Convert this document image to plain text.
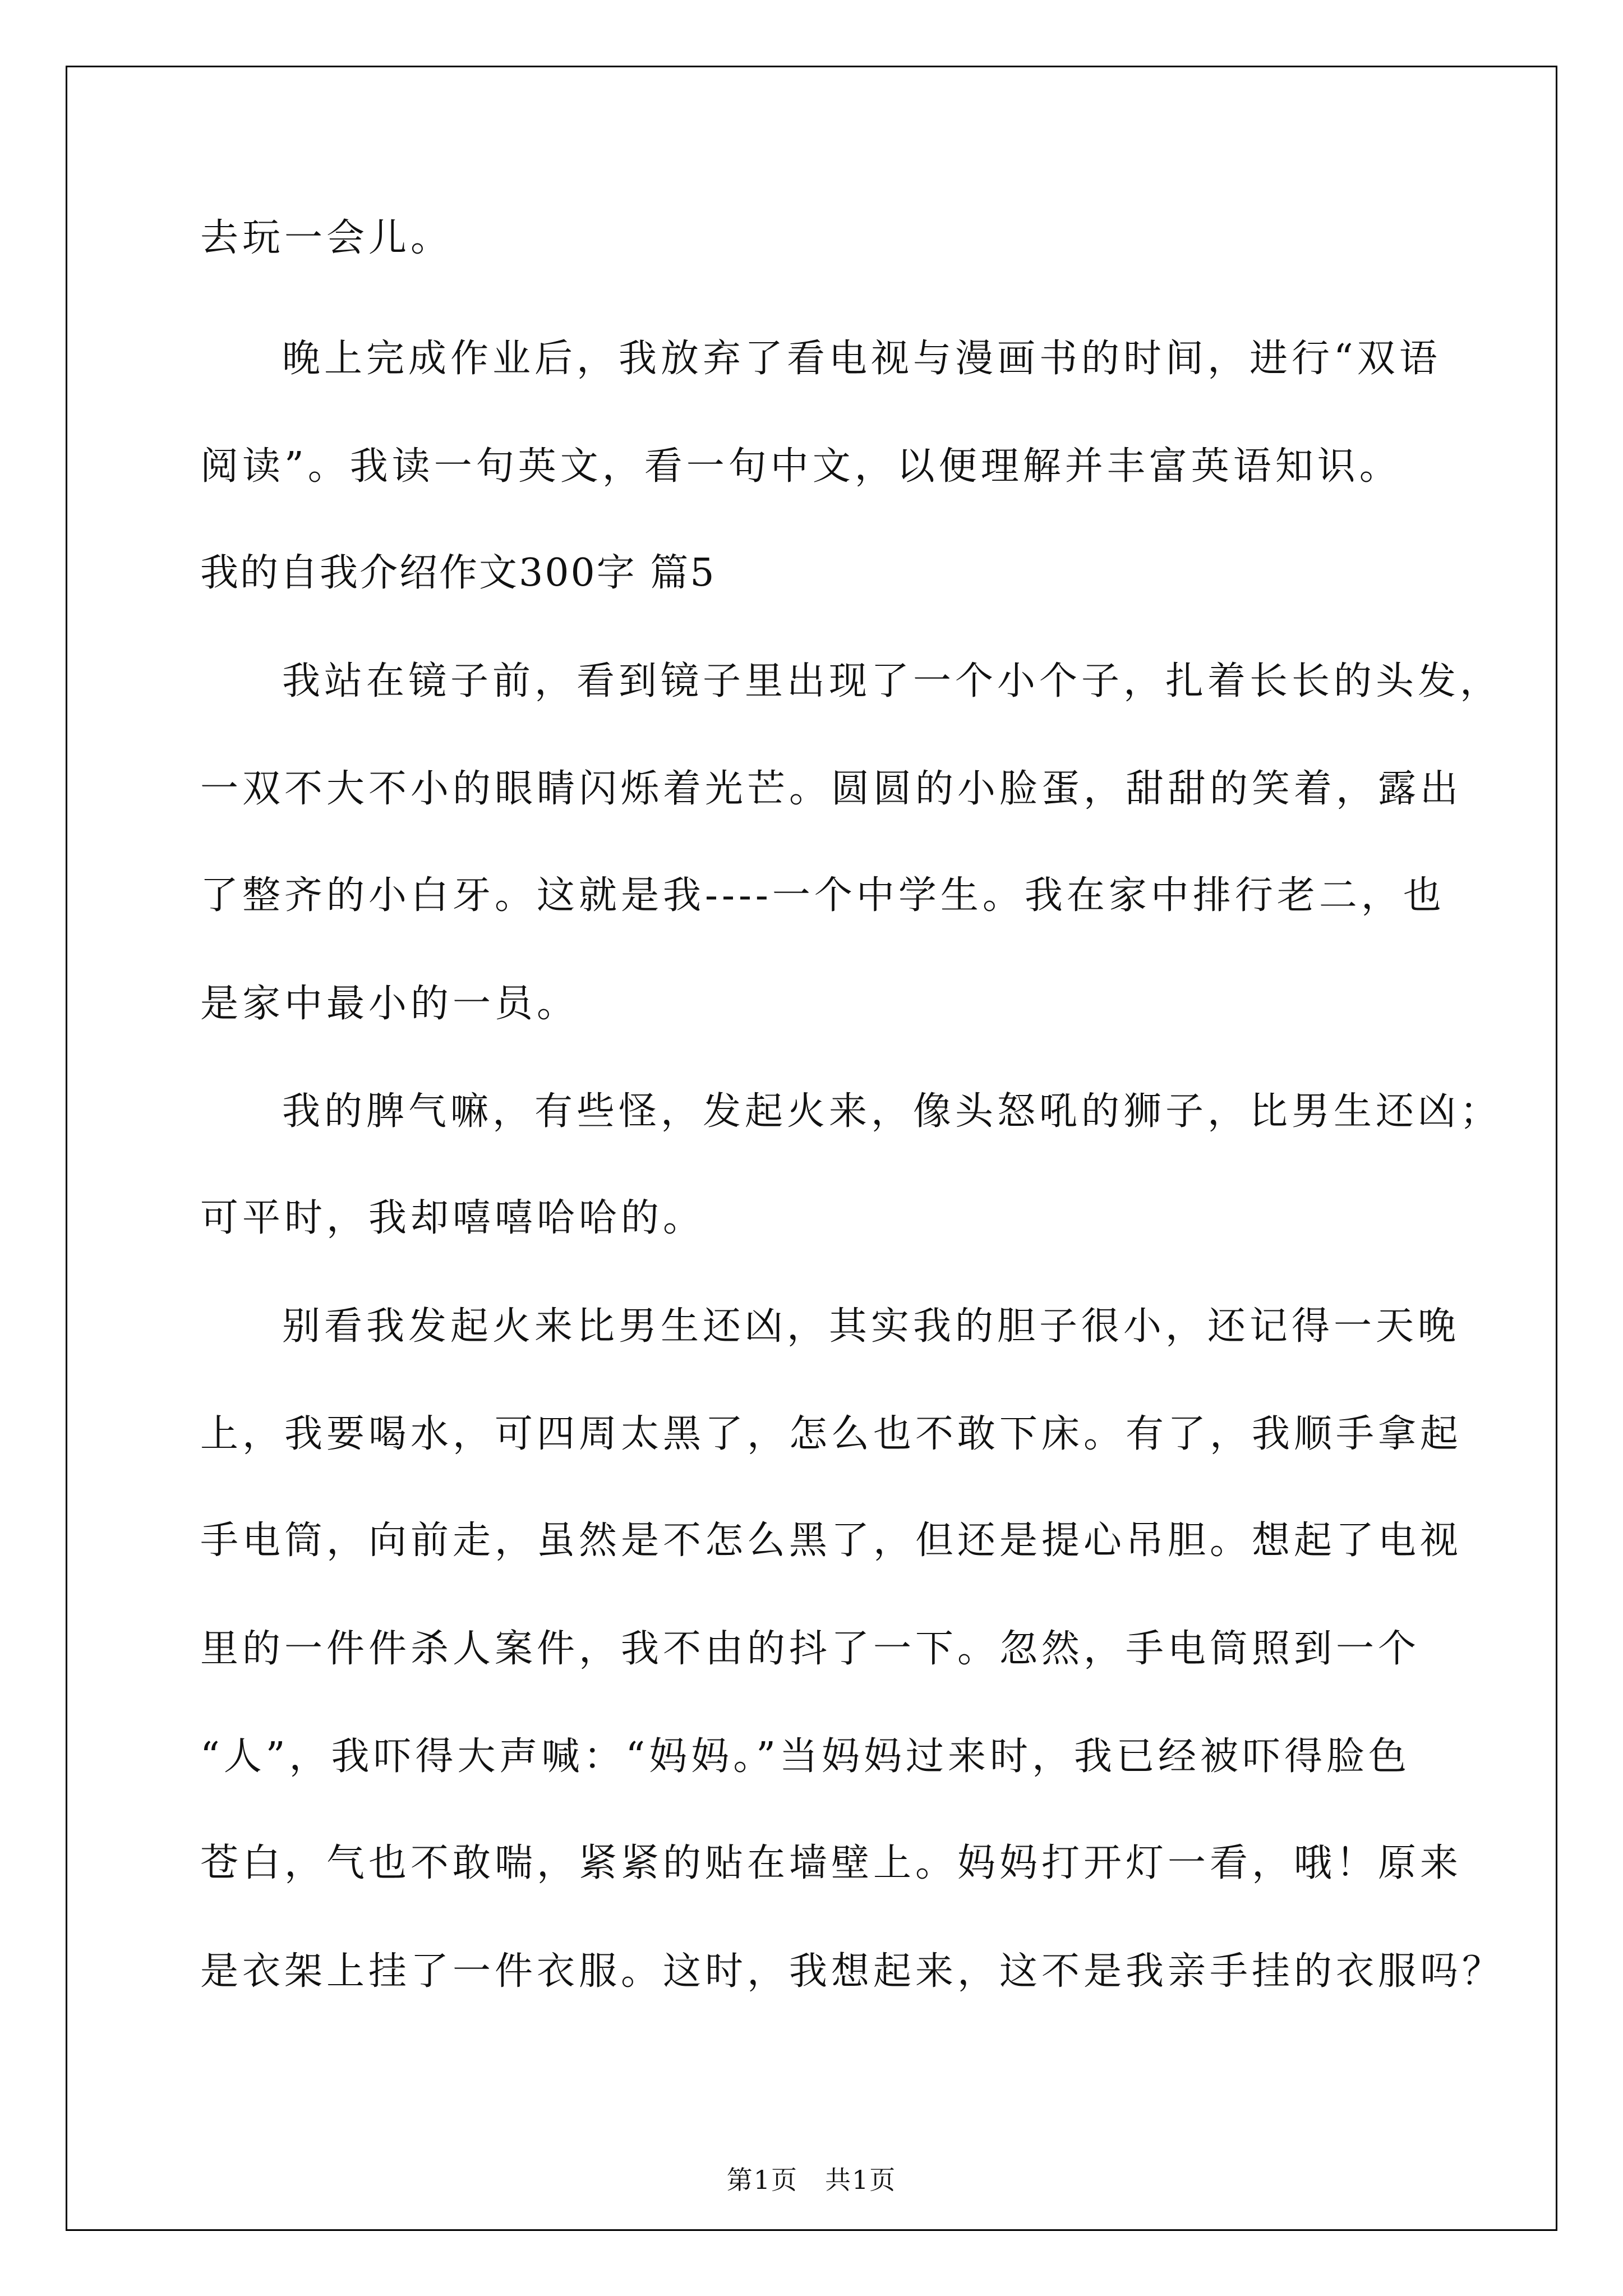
去玩一会儿。

晚上完成作业后，我放弃了看电视与漫画书的时间，进行“双语

阅读”。我读一句英文，看一句中文，以便理解并丰富英语知识。

我的自我介绍作文300字 篇5

我站在镜子前，看到镜子里出现了一个小个子，扎着长长的头发，

一双不大不小的眼睛闪烁着光芒。圆圆的小脸蛋，甜甜的笑着，露出

了整齐的小白牙。这就是我----一个中学生。我在家中排行老二，也

是家中最小的一员。

我的脾气嘛，有些怪，发起火来，像头怒吼的狮子，比男生还凶；

可平时，我却嘻嘻哈哈的。

别看我发起火来比男生还凶，其实我的胆子很小，还记得一天晚

上，我要喝水，可四周太黑了，怎么也不敢下床。有了，我顺手拿起

手电筒，向前走，虽然是不怎么黑了，但还是提心吊胆。想起了电视

里的一件件杀人案件，我不由的抖了一下。忽然，手电筒照到一个

“人”，我吓得大声喊：“妈妈。”当妈妈过来时，我已经被吓得脸色

苍白，气也不敢喘，紧紧的贴在墙壁上。妈妈打开灯一看，哦！原来

是衣架上挂了一件衣服。这时，我想起来，这不是我亲手挂的衣服吗？

第1页　共1页
